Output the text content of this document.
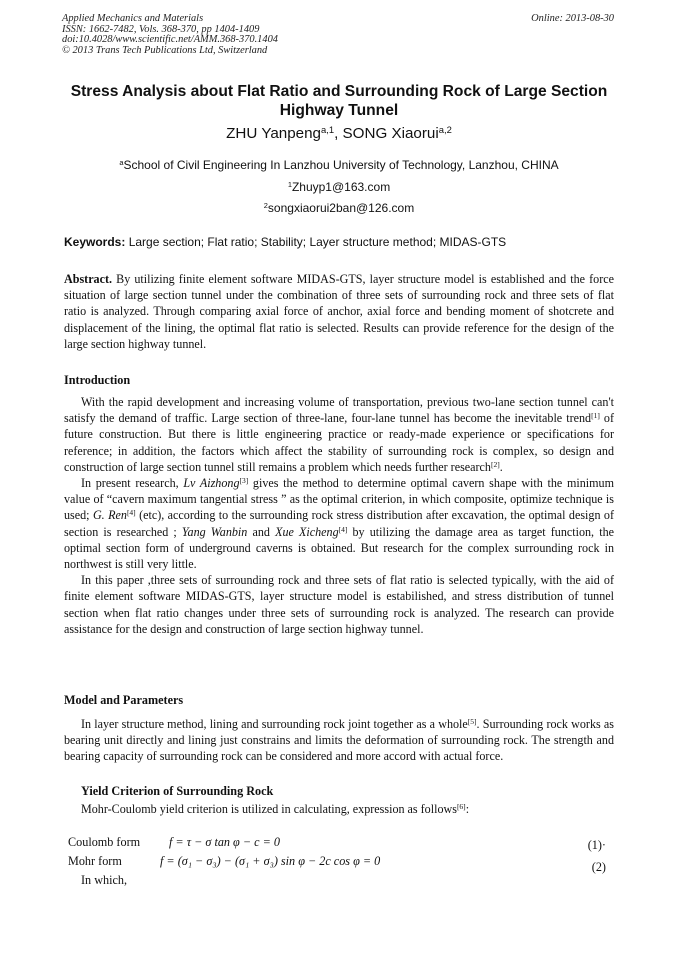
Applied Mechanics and Materials
ISSN: 1662-7482, Vols. 368-370, pp 1404-1409
doi:10.4028/www.scientific.net/AMM.368-370.1404
© 2013 Trans Tech Publications Ltd, Switzerland
Online: 2013-08-30
Stress Analysis about Flat Ratio and Surrounding Rock of Large Section Highway Tunnel
ZHU Yanpeng$^{a,1}$, SONG Xiaorui$^{a,2}$
$^a$School of Civil Engineering In Lanzhou University of Technology, Lanzhou, CHINA
$^1$Zhuyp1@163.com
$^2$songxiaorui2ban@126.com
Keywords: Large section; Flat ratio; Stability; Layer structure method; MIDAS-GTS
Abstract. By utilizing finite element software MIDAS-GTS, layer structure model is established and the force situation of large section tunnel under the combination of three sets of surrounding rock and three sets of flat ratio is analyzed. Through comparing axial force of anchor, axial force and bending moment of shotcrete and displacement of the lining, the optimal flat ratio is selected. Results can provide reference for the design of the large section highway tunnel.
Introduction
With the rapid development and increasing volume of transportation, previous two-lane section tunnel can't satisfy the demand of traffic. Large section of three-lane, four-lane tunnel has become the inevitable trend[1] of future construction. But there is little engineering practice or ready-made experience or specifications for reference; in addition, the factors which affect the stability of surrounding rock is complex, so design and construction of large section tunnel still remains a problem which needs further research[2].
In present research, Lv Aizhong[3] gives the method to determine optimal cavern shape with the minimum value of “cavern maximum tangential stress ” as the optimal criterion, in which composite, optimize technique is used; G. Ren[4] (etc), according to the surrounding rock stress distribution after excavation, the optimal design of section is researched ; Yang Wanbin and Xue Xicheng[4] by utilizing the damage area as target function, the optimal section form of underground caverns is obtained. But research for the complex surrounding rock in northwest is still very little.
In this paper ,three sets of surrounding rock and three sets of flat ratio is selected typically, with the aid of finite element software MIDAS-GTS, layer structure model is estabilished, and stress distribution of tunnel section when flat ratio changes under three sets of surrounding rock is analyzed. The research can provide assistance for the design and construction of large section highway tunnel.
Model and Parameters
In layer structure method, lining and surrounding rock joint together as a whole[5]. Surrounding rock works as bearing unit directly and lining just constrains and limits the deformation of surrounding rock. The strength and bearing capacity of surrounding rock can be considered and more accord with actual force.
Yield Criterion of Surrounding Rock
Mohr-Coulomb yield criterion is utilized in calculating, expression as follows[6]:
Coulomb form f = τ − σ tan φ − c = 0	(1)·
Mohr form	f = (σ₁ − σ₃) − (σ₁ + σ₃) sin φ − 2c cos φ = 0	(2)
In which,
